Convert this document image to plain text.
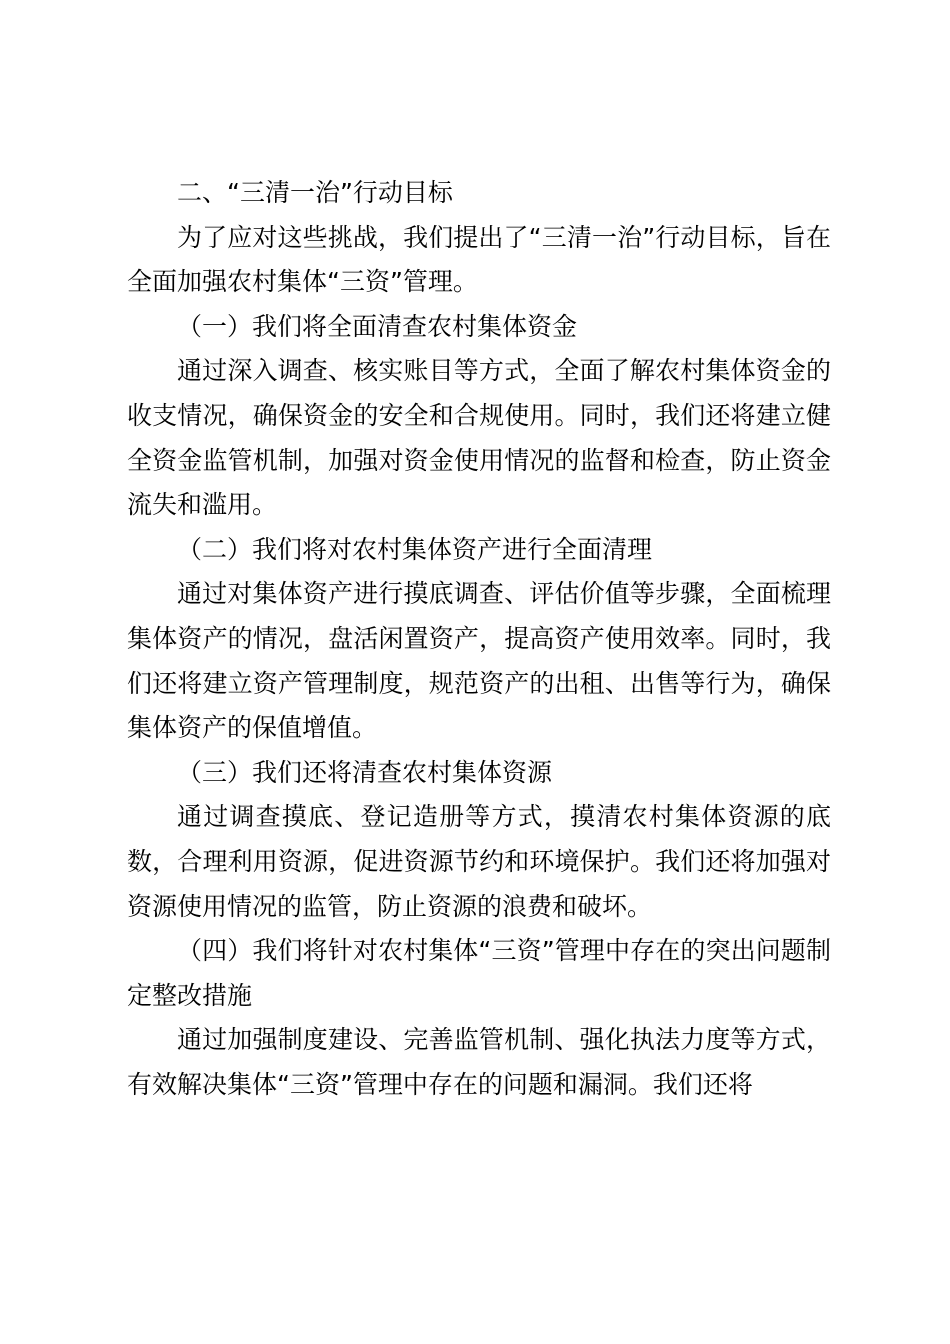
二、“三清一治”行动目标

为了应对这些挑战，我们提出了“三清一治”行动目标，旨在全面加强农村集体“三资”管理。

（一）我们将全面清查农村集体资金

通过深入调查、核实账目等方式，全面了解农村集体资金的收支情况，确保资金的安全和合规使用。同时，我们还将建立健全资金监管机制，加强对资金使用情况的监督和检查，防止资金流失和滥用。

（二）我们将对农村集体资产进行全面清理

通过对集体资产进行摸底调查、评估价值等步骤，全面梳理集体资产的情况，盘活闲置资产，提高资产使用效率。同时，我们还将建立资产管理制度，规范资产的出租、出售等行为，确保集体资产的保值增值。

（三）我们还将清查农村集体资源

通过调查摸底、登记造册等方式，摸清农村集体资源的底数，合理利用资源，促进资源节约和环境保护。我们还将加强对资源使用情况的监管，防止资源的浪费和破坏。

（四）我们将针对农村集体“三资”管理中存在的突出问题制定整改措施

通过加强制度建设、完善监管机制、强化执法力度等方式，有效解决集体“三资”管理中存在的问题和漏洞。我们还将
